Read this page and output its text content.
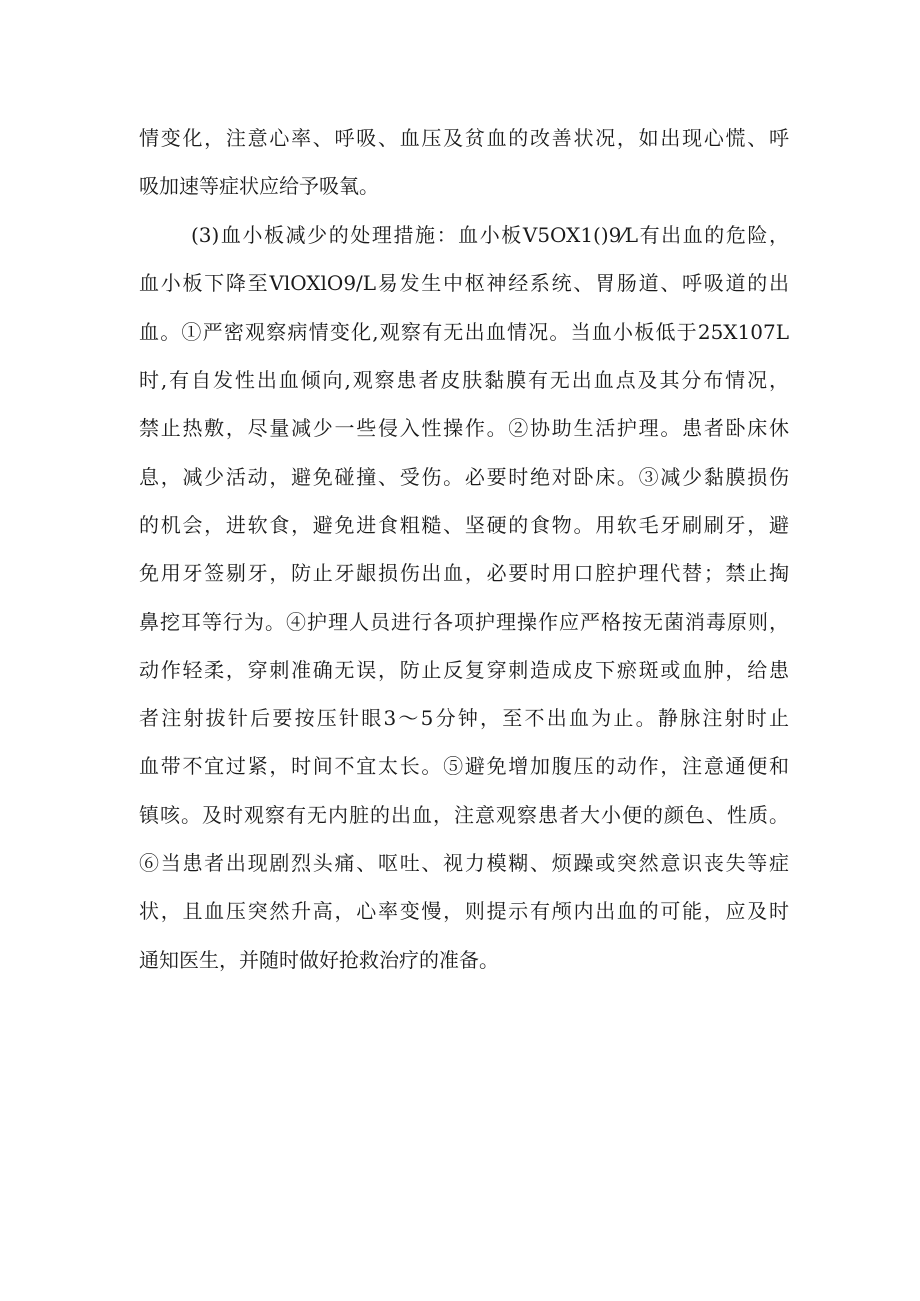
情变化，注意心率、呼吸、血压及贫血的改善状况，如出现心慌、呼
吸加速等症状应给予吸氧。
(3)血小板减少的处理措施：血小板V5OX1()9⁄L有出血的危险，
血小板下降至VlOXlO9/L易发生中枢神经系统、胃肠道、呼吸道的出
血。①严密观察病情变化,观察有无出血情况。当血小板低于25X107L
时,有自发性出血倾向,观察患者皮肤黏膜有无出血点及其分布情况，
禁止热敷，尽量减少一些侵入性操作。②协助生活护理。患者卧床休
息，减少活动，避免碰撞、受伤。必要时绝对卧床。③减少黏膜损伤
的机会，进软食，避免进食粗糙、坚硬的食物。用软毛牙刷刷牙，避
免用牙签剔牙，防止牙龈损伤出血，必要时用口腔护理代替；禁止掏
鼻挖耳等行为。④护理人员进行各项护理操作应严格按无菌消毒原则，
动作轻柔，穿刺准确无误，防止反复穿刺造成皮下瘀斑或血肿，给患
者注射拔针后要按压针眼3～5分钟，至不出血为止。静脉注射时止
血带不宜过紧，时间不宜太长。⑤避免增加腹压的动作，注意通便和
镇咳。及时观察有无内脏的出血，注意观察患者大小便的颜色、性质。
⑥当患者出现剧烈头痛、呕吐、视力模糊、烦躁或突然意识丧失等症
状，且血压突然升高，心率变慢，则提示有颅内出血的可能，应及时
通知医生，并随时做好抢救治疗的准备。
